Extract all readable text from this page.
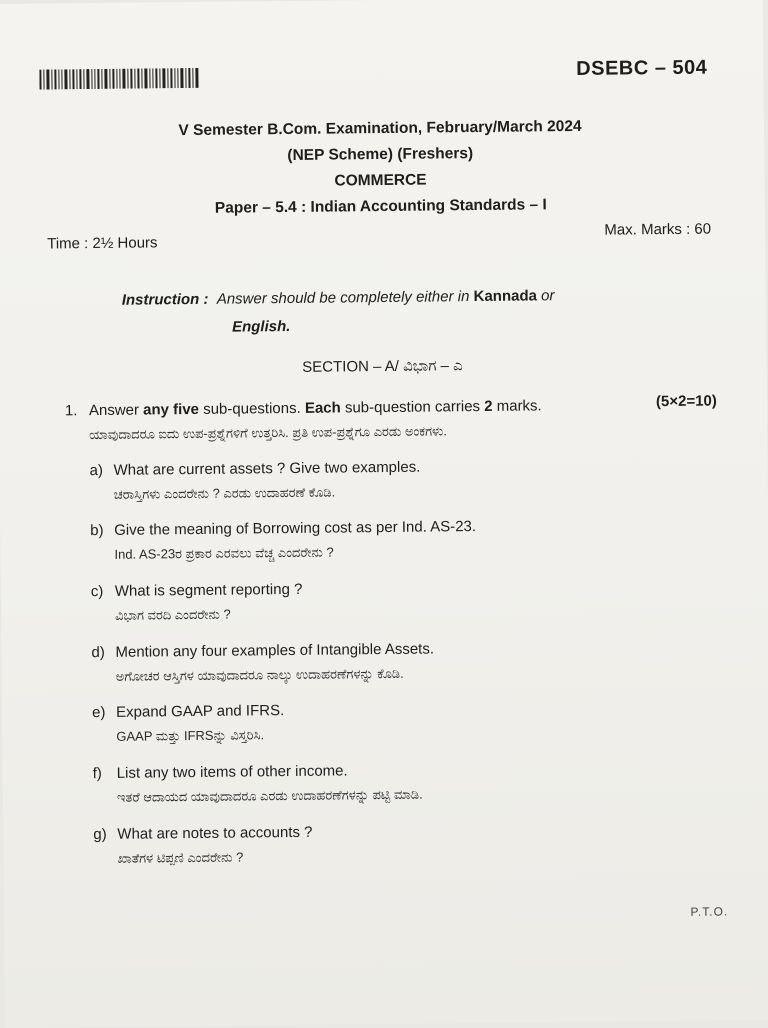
DSEBC – 504
V Semester B.Com. Examination, February/March 2024
(NEP Scheme) (Freshers)
COMMERCE
Paper – 5.4 : Indian Accounting Standards – I
Time : 2½ Hours
Max. Marks : 60
Instruction : Answer should be completely either in Kannada or
English.
SECTION – A/ ವಿಭಾಗ – ಎ
1. Answer any five sub-questions. Each sub-question carries 2 marks.	(5×2=10)
ಯಾವುದಾದರೂ ಐದು ಉಪ-ಪ್ರಶ್ನೆಗಳಿಗೆ ಉತ್ತರಿಸಿ. ಪ್ರತಿ ಉಪ-ಪ್ರಶ್ನೆಗೂ ಎರಡು ಅಂಕಗಳು.
a) What are current assets ? Give two examples.
ಚರಾಸ್ತಿಗಳು ಎಂದರೇನು ? ಎರಡು ಉದಾಹರಣೆ ಕೊಡಿ.
b) Give the meaning of Borrowing cost as per Ind. AS-23.
Ind. AS-23ರ ಪ್ರಕಾರ ಎರವಲು ವೆಚ್ಚ ಎಂದರೇನು ?
c) What is segment reporting ?
ವಿಭಾಗ ವರದಿ ಎಂದರೇನು ?
d) Mention any four examples of Intangible Assets.
ಅಗೋಚರ ಆಸ್ತಿಗಳ ಯಾವುದಾದರೂ ನಾಲ್ಕು ಉದಾಹರಣೆಗಳನ್ನು ಕೊಡಿ.
e) Expand GAAP and IFRS.
GAAP ಮತ್ತು IFRSನ್ನು ವಿಸ್ತರಿಸಿ.
f) List any two items of other income.
ಇತರೆ ಆದಾಯದ ಯಾವುದಾದರೂ ಎರಡು ಉದಾಹರಣೆಗಳನ್ನು ಪಟ್ಟಿ ಮಾಡಿ.
g) What are notes to accounts ?
ಖಾತೆಗಳ ಟಿಪ್ಪಣಿ ಎಂದರೇನು ?
P.T.O.
